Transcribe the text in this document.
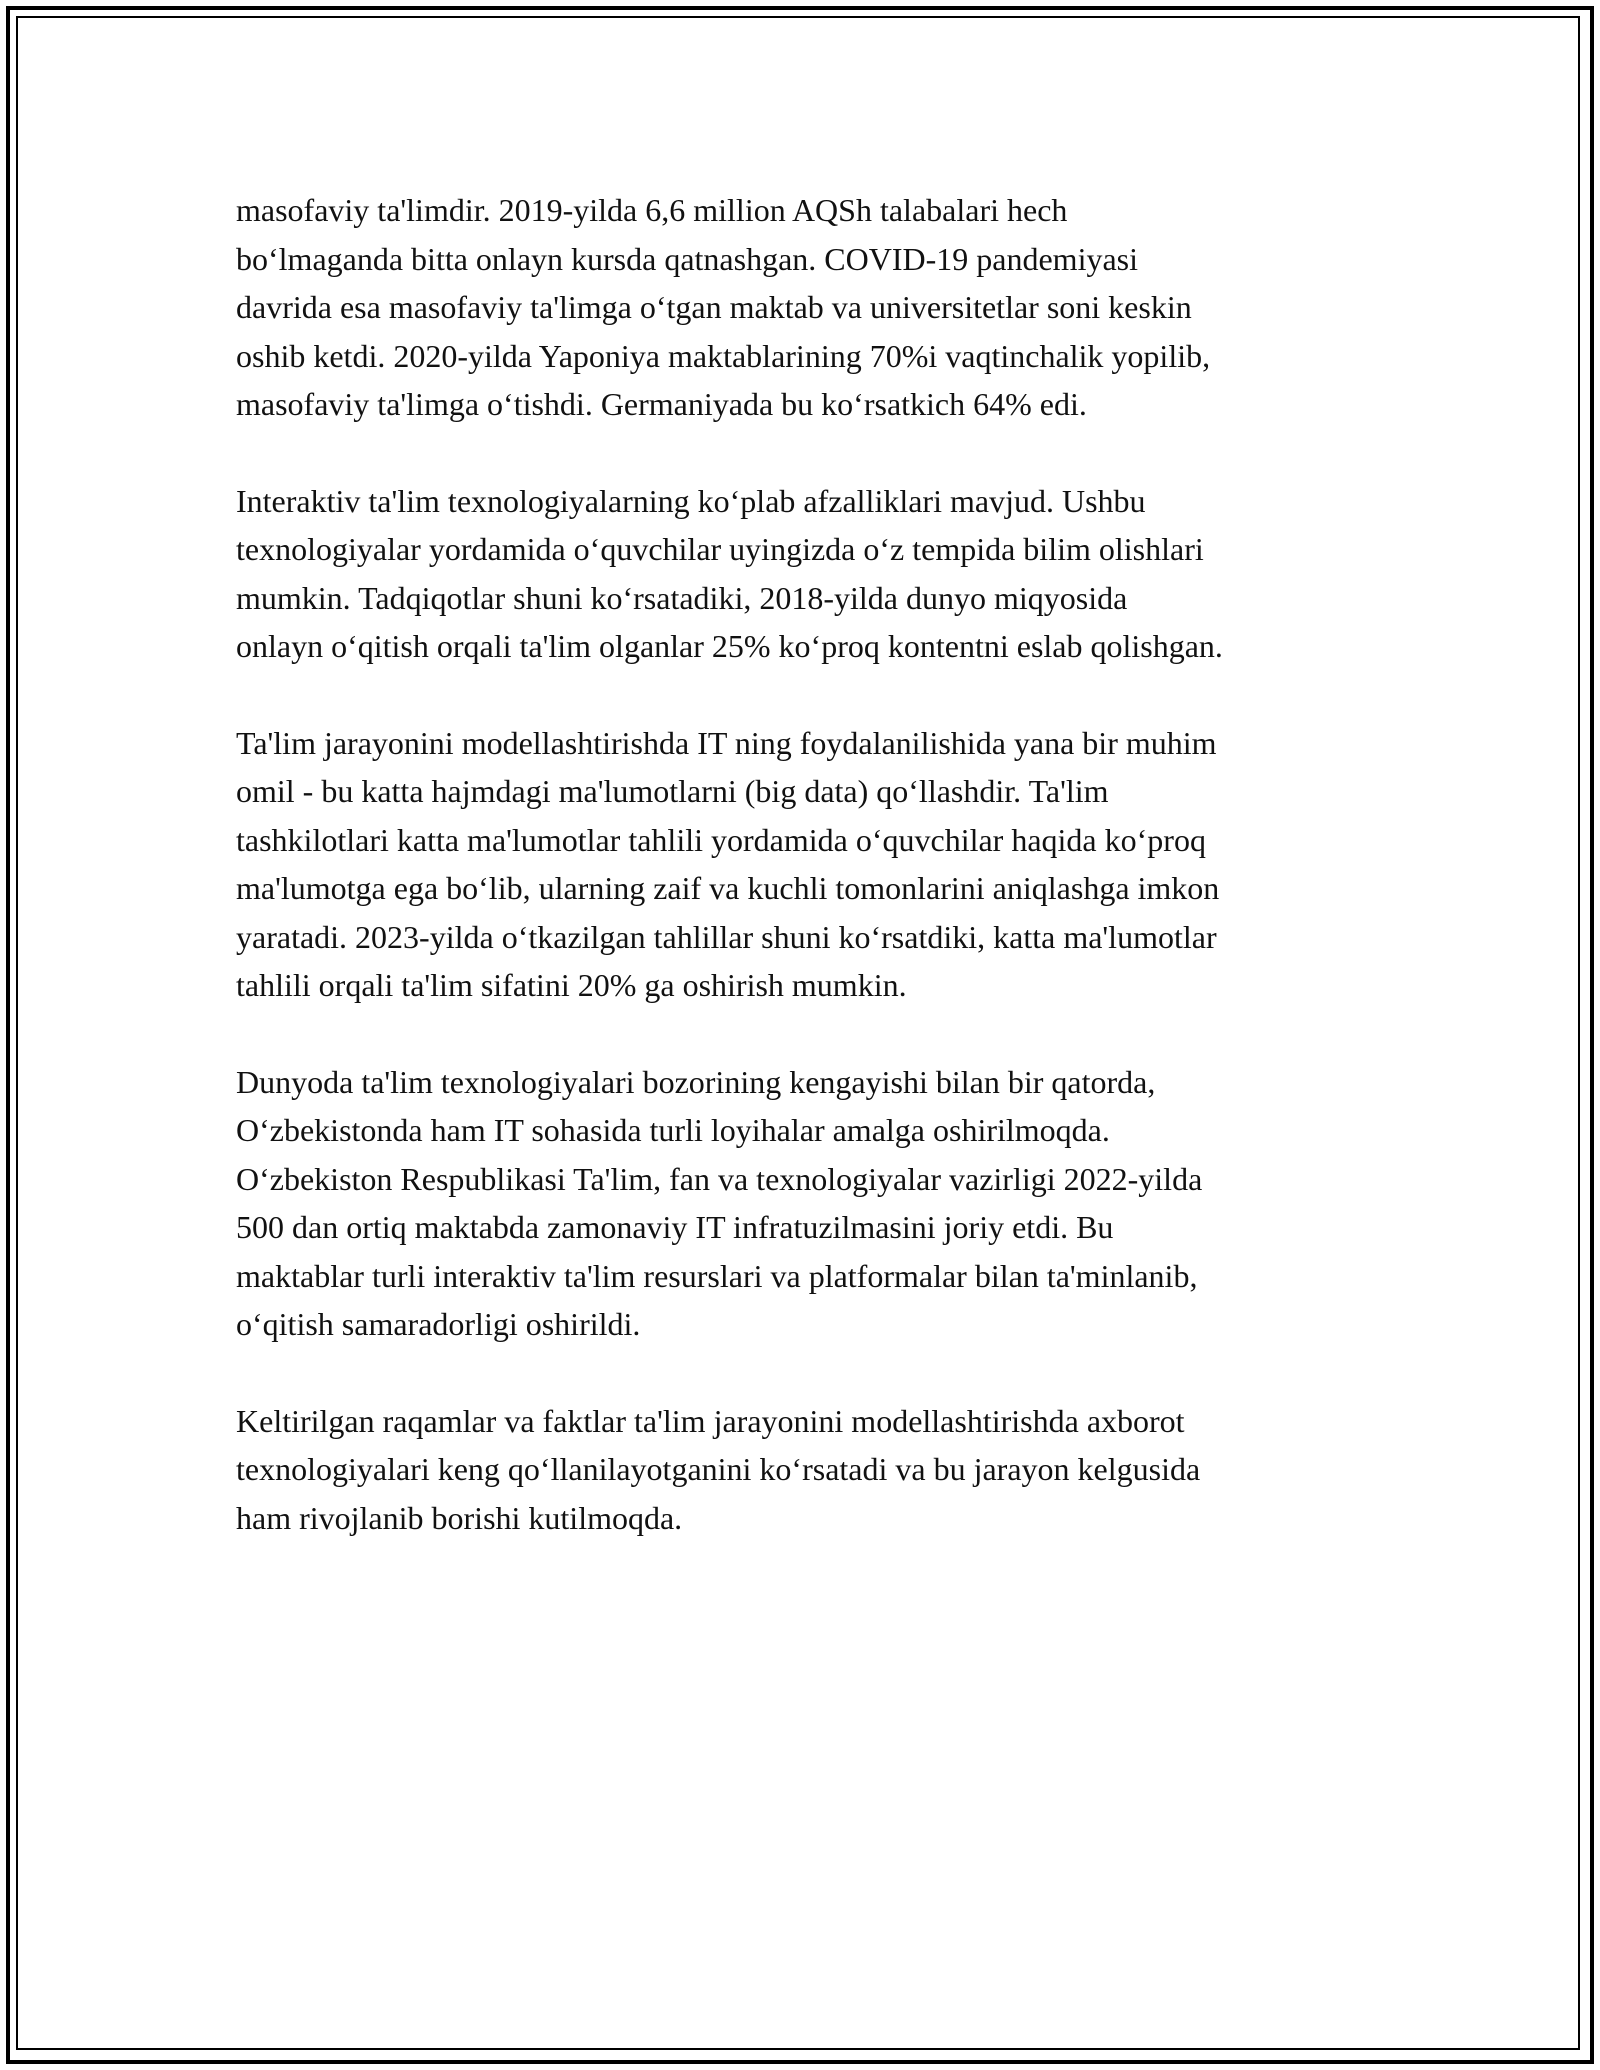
masofaviy ta'limdir. 2019-yilda 6,6 million AQSh talabalari hech
bo‘lmaganda bitta onlayn kursda qatnashgan. COVID-19 pandemiyasi
davrida esa masofaviy ta'limga o‘tgan maktab va universitetlar soni keskin
oshib ketdi. 2020-yilda Yaponiya maktablarining 70%i vaqtinchalik yopilib,
masofaviy ta'limga o‘tishdi. Germaniyada bu ko‘rsatkich 64% edi.

Interaktiv ta'lim texnologiyalarning ko‘plab afzalliklari mavjud. Ushbu
texnologiyalar yordamida o‘quvchilar uyingizda o‘z tempida bilim olishlari
mumkin. Tadqiqotlar shuni ko‘rsatadiki, 2018-yilda dunyo miqyosida
onlayn o‘qitish orqali ta'lim olganlar 25% ko‘proq kontentni eslab qolishgan.

Ta'lim jarayonini modellashtirishda IT ning foydalanilishida yana bir muhim
omil - bu katta hajmdagi ma'lumotlarni (big data) qo‘llashdir. Ta'lim
tashkilotlari katta ma'lumotlar tahlili yordamida o‘quvchilar haqida ko‘proq
ma'lumotga ega bo‘lib, ularning zaif va kuchli tomonlarini aniqlashga imkon
yaratadi. 2023-yilda o‘tkazilgan tahlillar shuni ko‘rsatdiki, katta ma'lumotlar
tahlili orqali ta'lim sifatini 20% ga oshirish mumkin.

Dunyoda ta'lim texnologiyalari bozorining kengayishi bilan bir qatorda,
O‘zbekistonda ham IT sohasida turli loyihalar amalga oshirilmoqda.
O‘zbekiston Respublikasi Ta'lim, fan va texnologiyalar vazirligi 2022-yilda
500 dan ortiq maktabda zamonaviy IT infratuzilmasini joriy etdi. Bu
maktablar turli interaktiv ta'lim resurslari va platformalar bilan ta'minlanib,
o‘qitish samaradorligi oshirildi.

Keltirilgan raqamlar va faktlar ta'lim jarayonini modellashtirishda axborot
texnologiyalari keng qo‘llanilayotganini ko‘rsatadi va bu jarayon kelgusida
ham rivojlanib borishi kutilmoqda.
